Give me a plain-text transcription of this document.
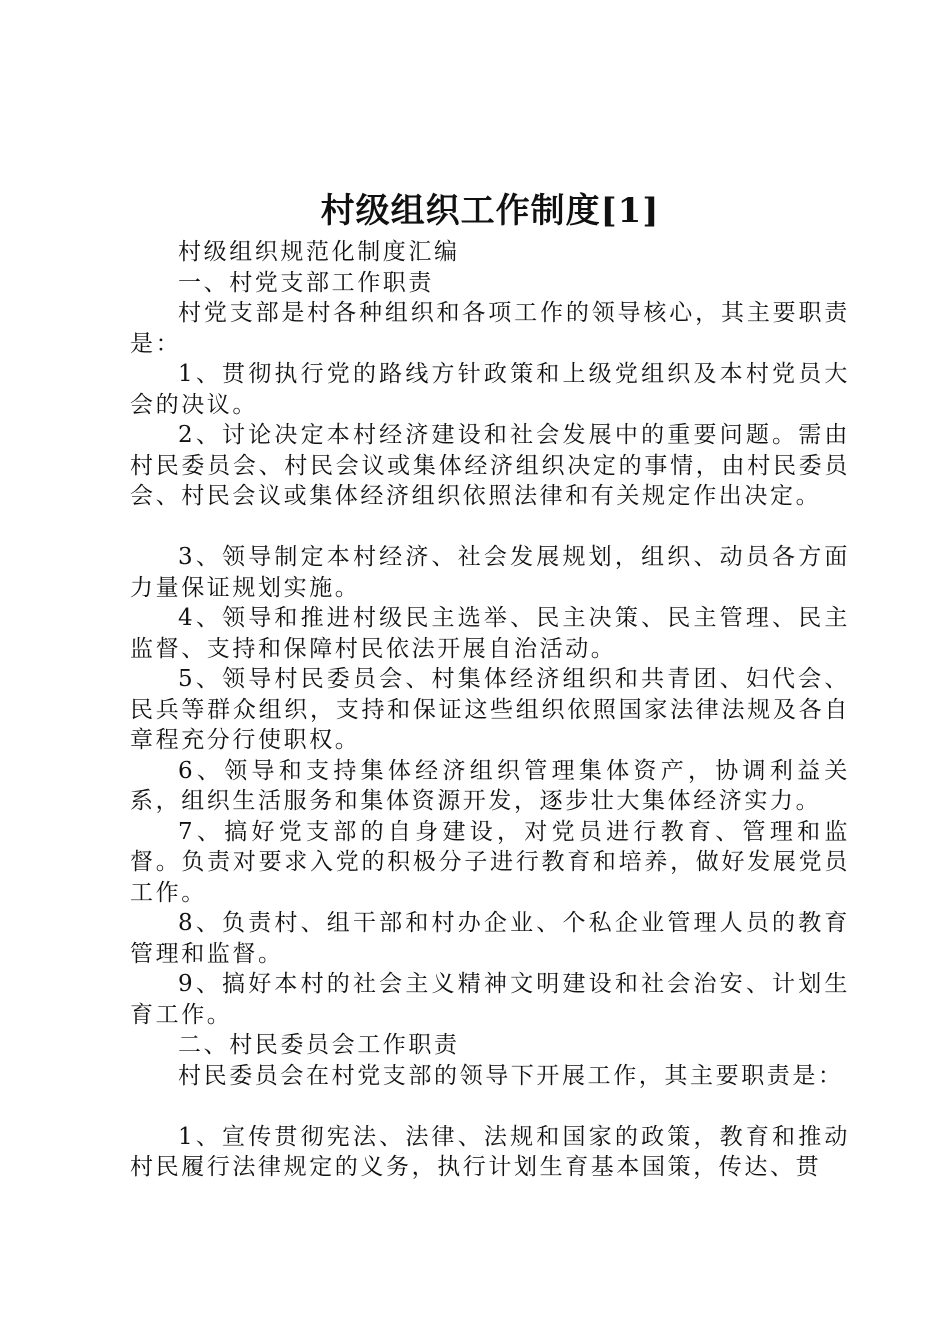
村级组织工作制度[1]

村级组织规范化制度汇编

一、村党支部工作职责

村党支部是村各种组织和各项工作的领导核心，其主要职责是：

1、贯彻执行党的路线方针政策和上级党组织及本村党员大会的决议。

2、讨论决定本村经济建设和社会发展中的重要问题。需由村民委员会、村民会议或集体经济组织决定的事情，由村民委员会、村民会议或集体经济组织依照法律和有关规定作出决定。

3、领导制定本村经济、社会发展规划，组织、动员各方面力量保证规划实施。

4、领导和推进村级民主选举、民主决策、民主管理、民主监督、支持和保障村民依法开展自治活动。

5、领导村民委员会、村集体经济组织和共青团、妇代会、民兵等群众组织，支持和保证这些组织依照国家法律法规及各自章程充分行使职权。

6、领导和支持集体经济组织管理集体资产，协调利益关系，组织生活服务和集体资源开发，逐步壮大集体经济实力。

7、搞好党支部的自身建设，对党员进行教育、管理和监督。负责对要求入党的积极分子进行教育和培养，做好发展党员工作。

8、负责村、组干部和村办企业、个私企业管理人员的教育管理和监督。

9、搞好本村的社会主义精神文明建设和社会治安、计划生育工作。

二、村民委员会工作职责

村民委员会在村党支部的领导下开展工作，其主要职责是：

1、宣传贯彻宪法、法律、法规和国家的政策，教育和推动村民履行法律规定的义务，执行计划生育基本国策，传达、贯
